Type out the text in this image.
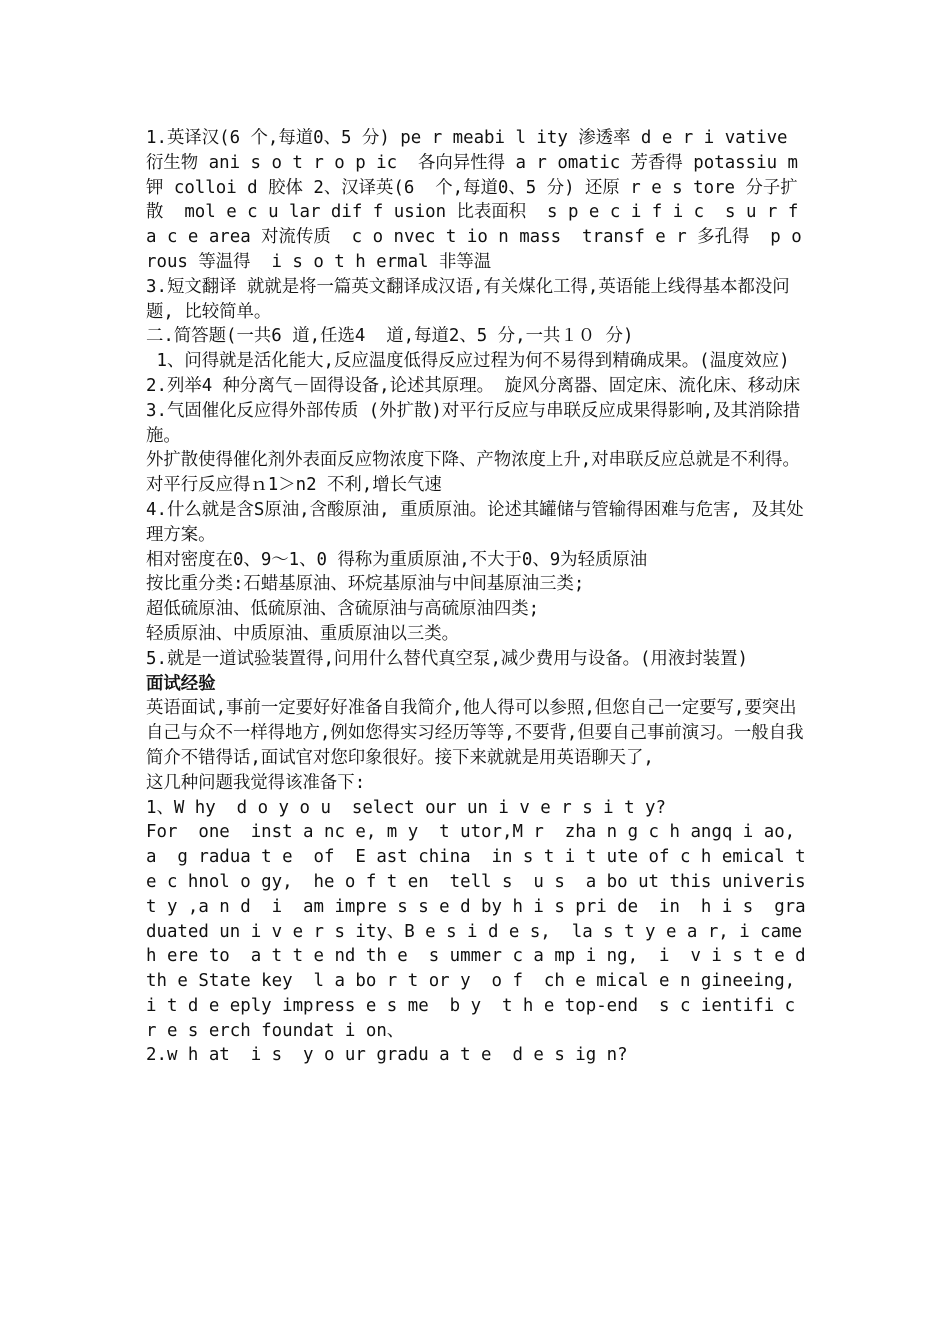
1.英译汉(6 个,每道0、5 分) pe r meabi l ity 渗透率 d e r i vative  衍生物 ani s o t r o p ic  各向异性得 a r omatic 芳香得 potassiu m 钾 colloi d 胶体 2、汉译英(6  个,每道0、5 分) 还原 r e s tore 分子扩散  mol e c u lar dif f usion 比表面积  s p e c i f i c  s u r f a c e area 对流传质  c o nvec t io n mass  transf e r 多孔得  p o rous 等温得  i s o t h ermal 非等温

3.短文翻译 就就是将一篇英文翻译成汉语,有关煤化工得,英语能上线得基本都没问题, 比较简单。

二.简答题(一共6 道,任选4  道,每道2、5 分,一共１０ 分)

1、问得就是活化能大,反应温度低得反应过程为何不易得到精确成果。(温度效应)

2.列举4 种分离气－固得设备,论述其原理。 旋风分离器、固定床、流化床、移动床

3.气固催化反应得外部传质 (外扩散)对平行反应与串联反应成果得影响,及其消除措施。

外扩散使得催化剂外表面反应物浓度下降、产物浓度上升,对串联反应总就是不利得。对平行反应得ｎ1＞n2 不利,增长气速

4.什么就是含S原油,含酸原油, 重质原油。论述其罐储与管输得困难与危害, 及其处理方案。

相对密度在0、9～1、0 得称为重质原油,不大于0、9为轻质原油

按比重分类:石蜡基原油、环烷基原油与中间基原油三类;

超低硫原油、低硫原油、含硫原油与高硫原油四类;

轻质原油、中质原油、重质原油以三类。

5.就是一道试验装置得,问用什么替代真空泵,减少费用与设备。(用液封装置)

面试经验

英语面试,事前一定要好好准备自我简介,他人得可以参照,但您自己一定要写,要突出自己与众不一样得地方,例如您得实习经历等等,不要背,但要自己事前演习。一般自我简介不错得话,面试官对您印象很好。接下来就就是用英语聊天了,

这几种问题我觉得该准备下:

1、W hy  d o y o u  select our un i v e r s i t y?

For  one  inst a nc e, m y  t utor,M r  zha n g c h angq i ao,  a  g radua t e  of  E ast china  in s t i t ute of c h emical t e c hnol o gy,  he o f t en  tell s  u s  a bo ut this univerist y ,a n d  i  am impre s s e d by h i s pri de  in  h i s  graduated un i v e r s ity、B e s i d e s,  la s t y e a r, i came  h ere to  a t t e nd th e  s ummer c a mp i ng,  i  v i s t e d  th e State key  l a bo r t or y  o f  ch e mical e n gineeing,  i t d e eply impress e s me  b y  t h e top-end  s c ientifi c  r e s erch foundat i on、

2.w h at  i s  y o ur gradu a t e  d e s ig n?
